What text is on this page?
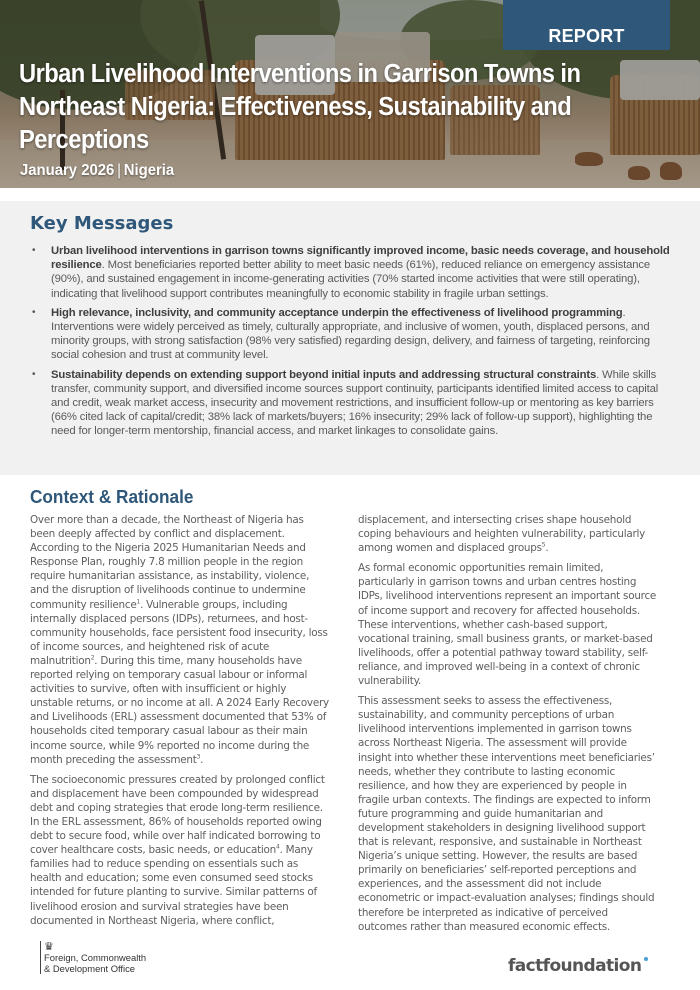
REPORT
Urban Livelihood Interventions in Garrison Towns in Northeast Nigeria: Effectiveness, Sustainability and Perceptions

January 2026 | Nigeria

Key Messages
• Urban livelihood interventions in garrison towns significantly improved income, basic needs coverage, and household resilience. Most beneficiaries reported better ability to meet basic needs (61%), reduced reliance on emergency assistance (90%), and sustained engagement in income-generating activities (70% started income activities that were still operating), indicating that livelihood support contributes meaningfully to economic stability in fragile urban settings.
• High relevance, inclusivity, and community acceptance underpin the effectiveness of livelihood programming. Interventions were widely perceived as timely, culturally appropriate, and inclusive of women, youth, displaced persons, and minority groups, with strong satisfaction (98% very satisfied) regarding design, delivery, and fairness of targeting, reinforcing social cohesion and trust at community level.
• Sustainability depends on extending support beyond initial inputs and addressing structural constraints. While skills transfer, community support, and diversified income sources support continuity, participants identified limited access to capital and credit, weak market access, insecurity and movement restrictions, and insufficient follow-up or mentoring as key barriers (66% cited lack of capital/credit; 38% lack of markets/buyers; 16% insecurity; 29% lack of follow-up support), highlighting the need for longer-term mentorship, financial access, and market linkages to consolidate gains.
Context & Rationale

Over more than a decade, the Northeast of Nigeria has been deeply affected by conflict and displacement. According to the Nigeria 2025 Humanitarian Needs and Response Plan, roughly 7.8 million people in the region require humanitarian assistance, as instability, violence, and the disruption of livelihoods continue to undermine community resilience$^1$. Vulnerable groups, including internally displaced persons (IDPs), returnees, and host-community households, face persistent food insecurity, loss of income sources, and heightened risk of acute malnutrition$^2$. During this time, many households have reported relying on temporary casual labour or informal activities to survive, often with insufficient or highly unstable returns, or no income at all. A 2024 Early Recovery and Livelihoods (ERL) assessment documented that 53% of households cited temporary casual labour as their main income source, while 9% reported no income during the month preceding the assessment$^3$.

The socioeconomic pressures created by prolonged conflict and displacement have been compounded by widespread debt and coping strategies that erode long-term resilience. In the ERL assessment, 86% of households reported owing debt to secure food, while over half indicated borrowing to cover healthcare costs, basic needs, or education$^4$. Many families had to reduce spending on essentials such as health and education; some even consumed seed stocks intended for future planting to survive. Similar patterns of livelihood erosion and survival strategies have been documented in Northeast Nigeria, where conflict,

displacement, and intersecting crises shape household coping behaviours and heighten vulnerability, particularly among women and displaced groups$^5$.

As formal economic opportunities remain limited, particularly in garrison towns and urban centres hosting IDPs, livelihood interventions represent an important source of income support and recovery for affected households. These interventions, whether cash-based support, vocational training, small business grants, or market-based livelihoods, offer a potential pathway toward stability, self-reliance, and improved well-being in a context of chronic vulnerability.

This assessment seeks to assess the effectiveness, sustainability, and community perceptions of urban livelihood interventions implemented in garrison towns across Northeast Nigeria. The assessment will provide insight into whether these interventions meet beneficiaries’ needs, whether they contribute to lasting economic resilience, and how they are experienced by people in fragile urban contexts. The findings are expected to inform future programming and guide humanitarian and development stakeholders in designing livelihood support that is relevant, responsive, and sustainable in Northeast Nigeria’s unique setting. However, the results are based primarily on beneficiaries’ self-reported perceptions and experiences, and the assessment did not include econometric or impact-evaluation analyses; findings should therefore be interpreted as indicative of perceived outcomes rather than measured economic effects.

♛
Foreign, Commonwealth
& Development Office	factfoundation
